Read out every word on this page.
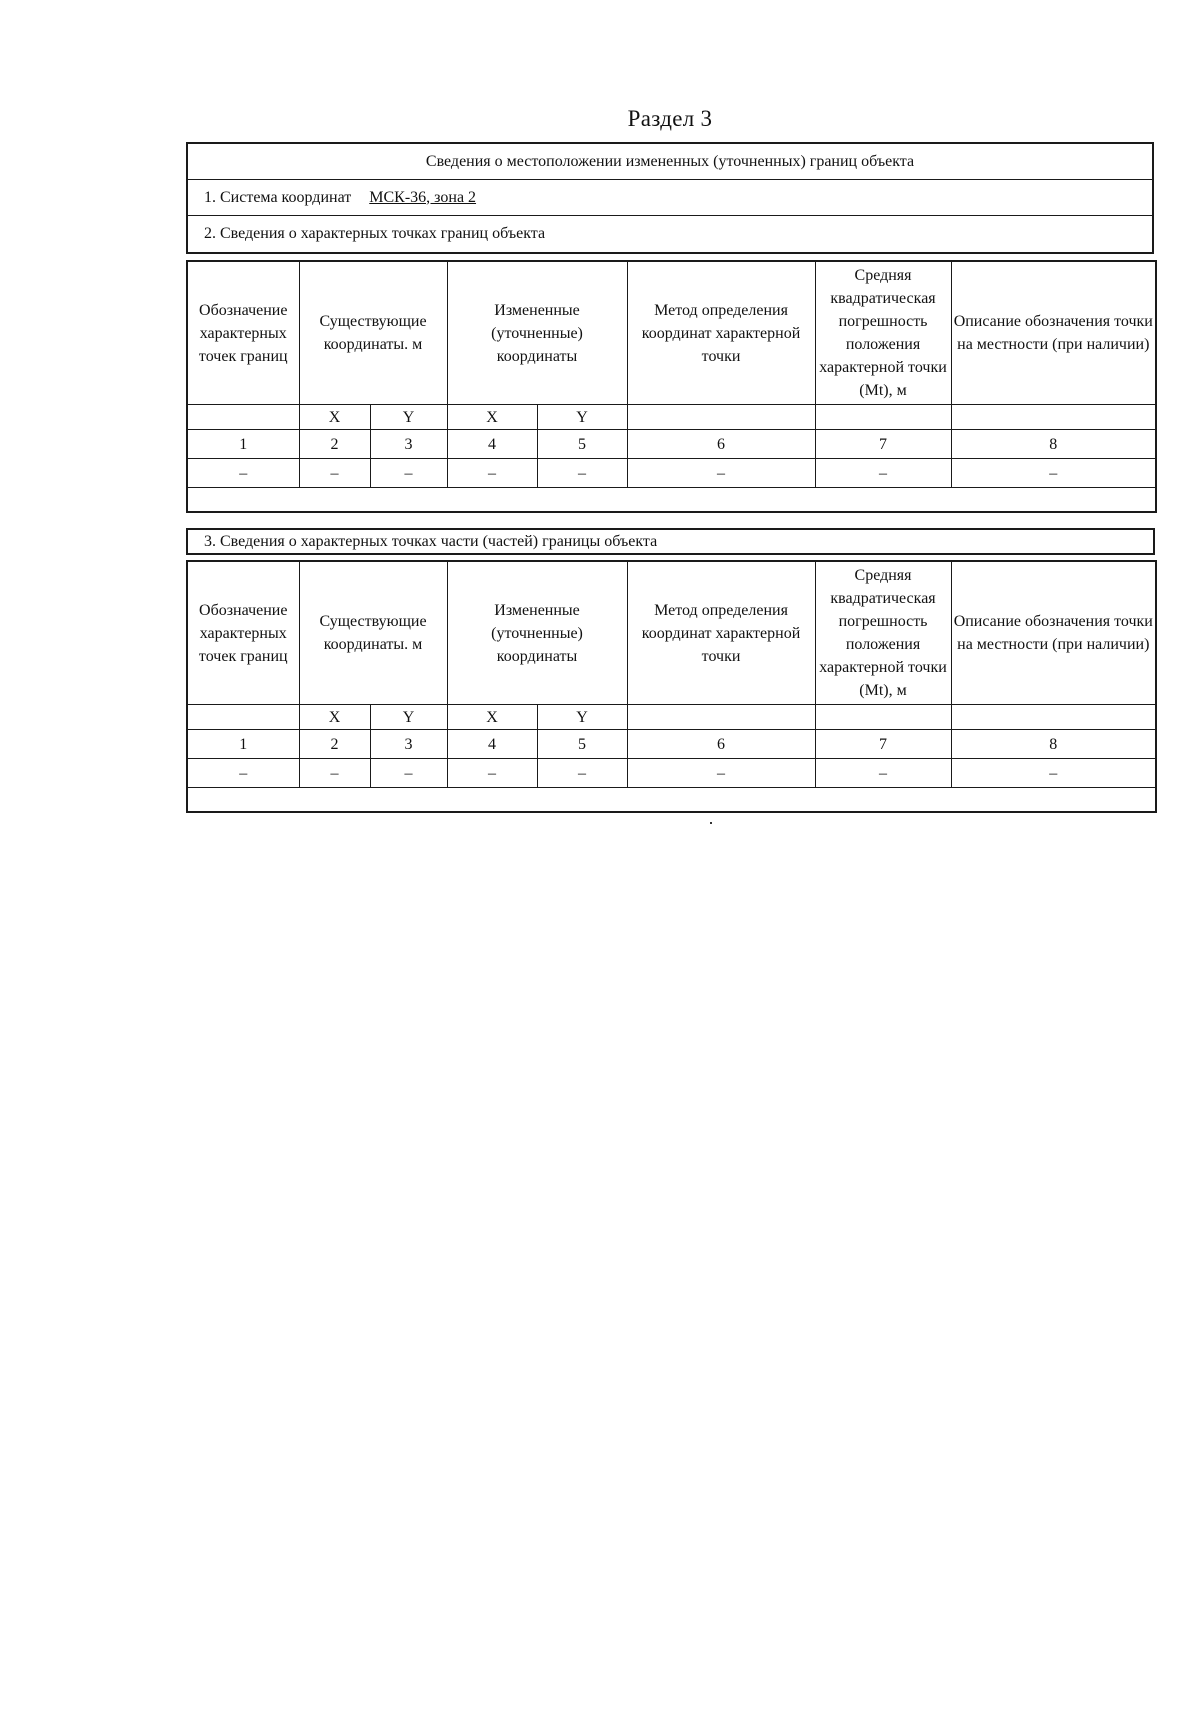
Раздел 3
Сведения о местоположении измененных (уточненных) границ объекта
1. Система координат МСК-36, зона 2
2. Сведения о характерных точках границ объекта
Обозначение характерных точек границ	Существующие координаты. м		Измененные (уточненные) координаты		Метод определения координат характерной точки	Средняя квадратическая погрешность положения характерной точки (Mt), м	Описание обозначения точки на местности (при наличии)
	X	Y	X	Y			
1	2	3	4	5	6	7	8
–	–	–	–	–	–	–	–

3. Сведения о характерных точках части (частей) границы объекта
Обозначение характерных точек границ	Существующие координаты. м		Измененные (уточненные) координаты		Метод определения координат характерной точки	Средняя квадратическая погрешность положения характерной точки (Mt), м	Описание обозначения точки на местности (при наличии)
	X	Y	X	Y			
1	2	3	4	5	6	7	8
–	–	–	–	–	–	–	–
